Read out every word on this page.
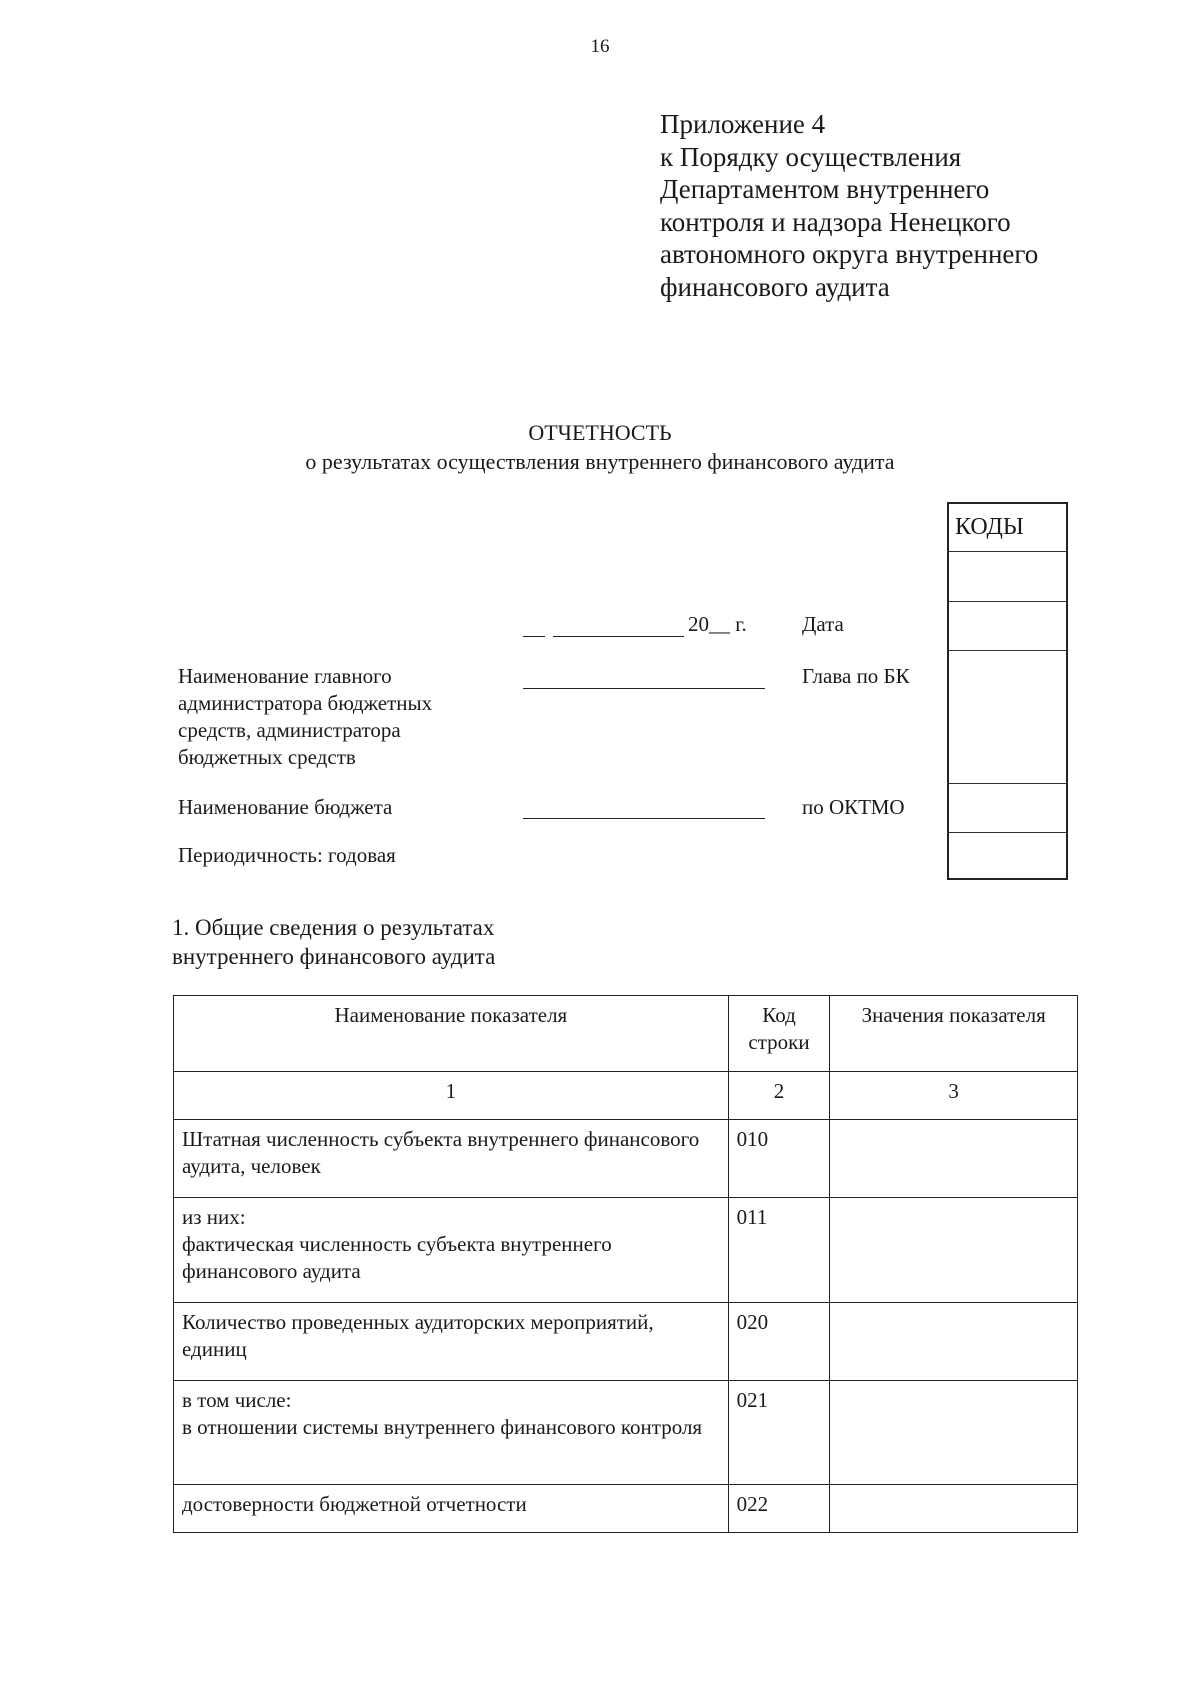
16
Приложение 4
к Порядку осуществления
Департаментом внутреннего
контроля и надзора Ненецкого
автономного округа внутреннего
финансового аудита
ОТЧЕТНОСТЬ
о результатах осуществления внутреннего финансового аудита
КОДЫ
20__ г.	Дата
Наименование главного
администратора бюджетных
средств, администратора
бюджетных средств
Глава по БК
Наименование бюджета	по ОКТМО
Периодичность: годовая
1. Общие сведения о результатах
внутреннего финансового аудита
Наименование показателя	Код строки	Значения показателя
1	2	3
Штатная численность субъекта внутреннего финансового аудита, человек	010	
из них:
фактическая численность субъекта внутреннего финансового аудита	011	
Количество проведенных аудиторских мероприятий, единиц	020	
в том числе:
в отношении системы внутреннего финансового контроля	021	
достоверности бюджетной отчетности	022	
